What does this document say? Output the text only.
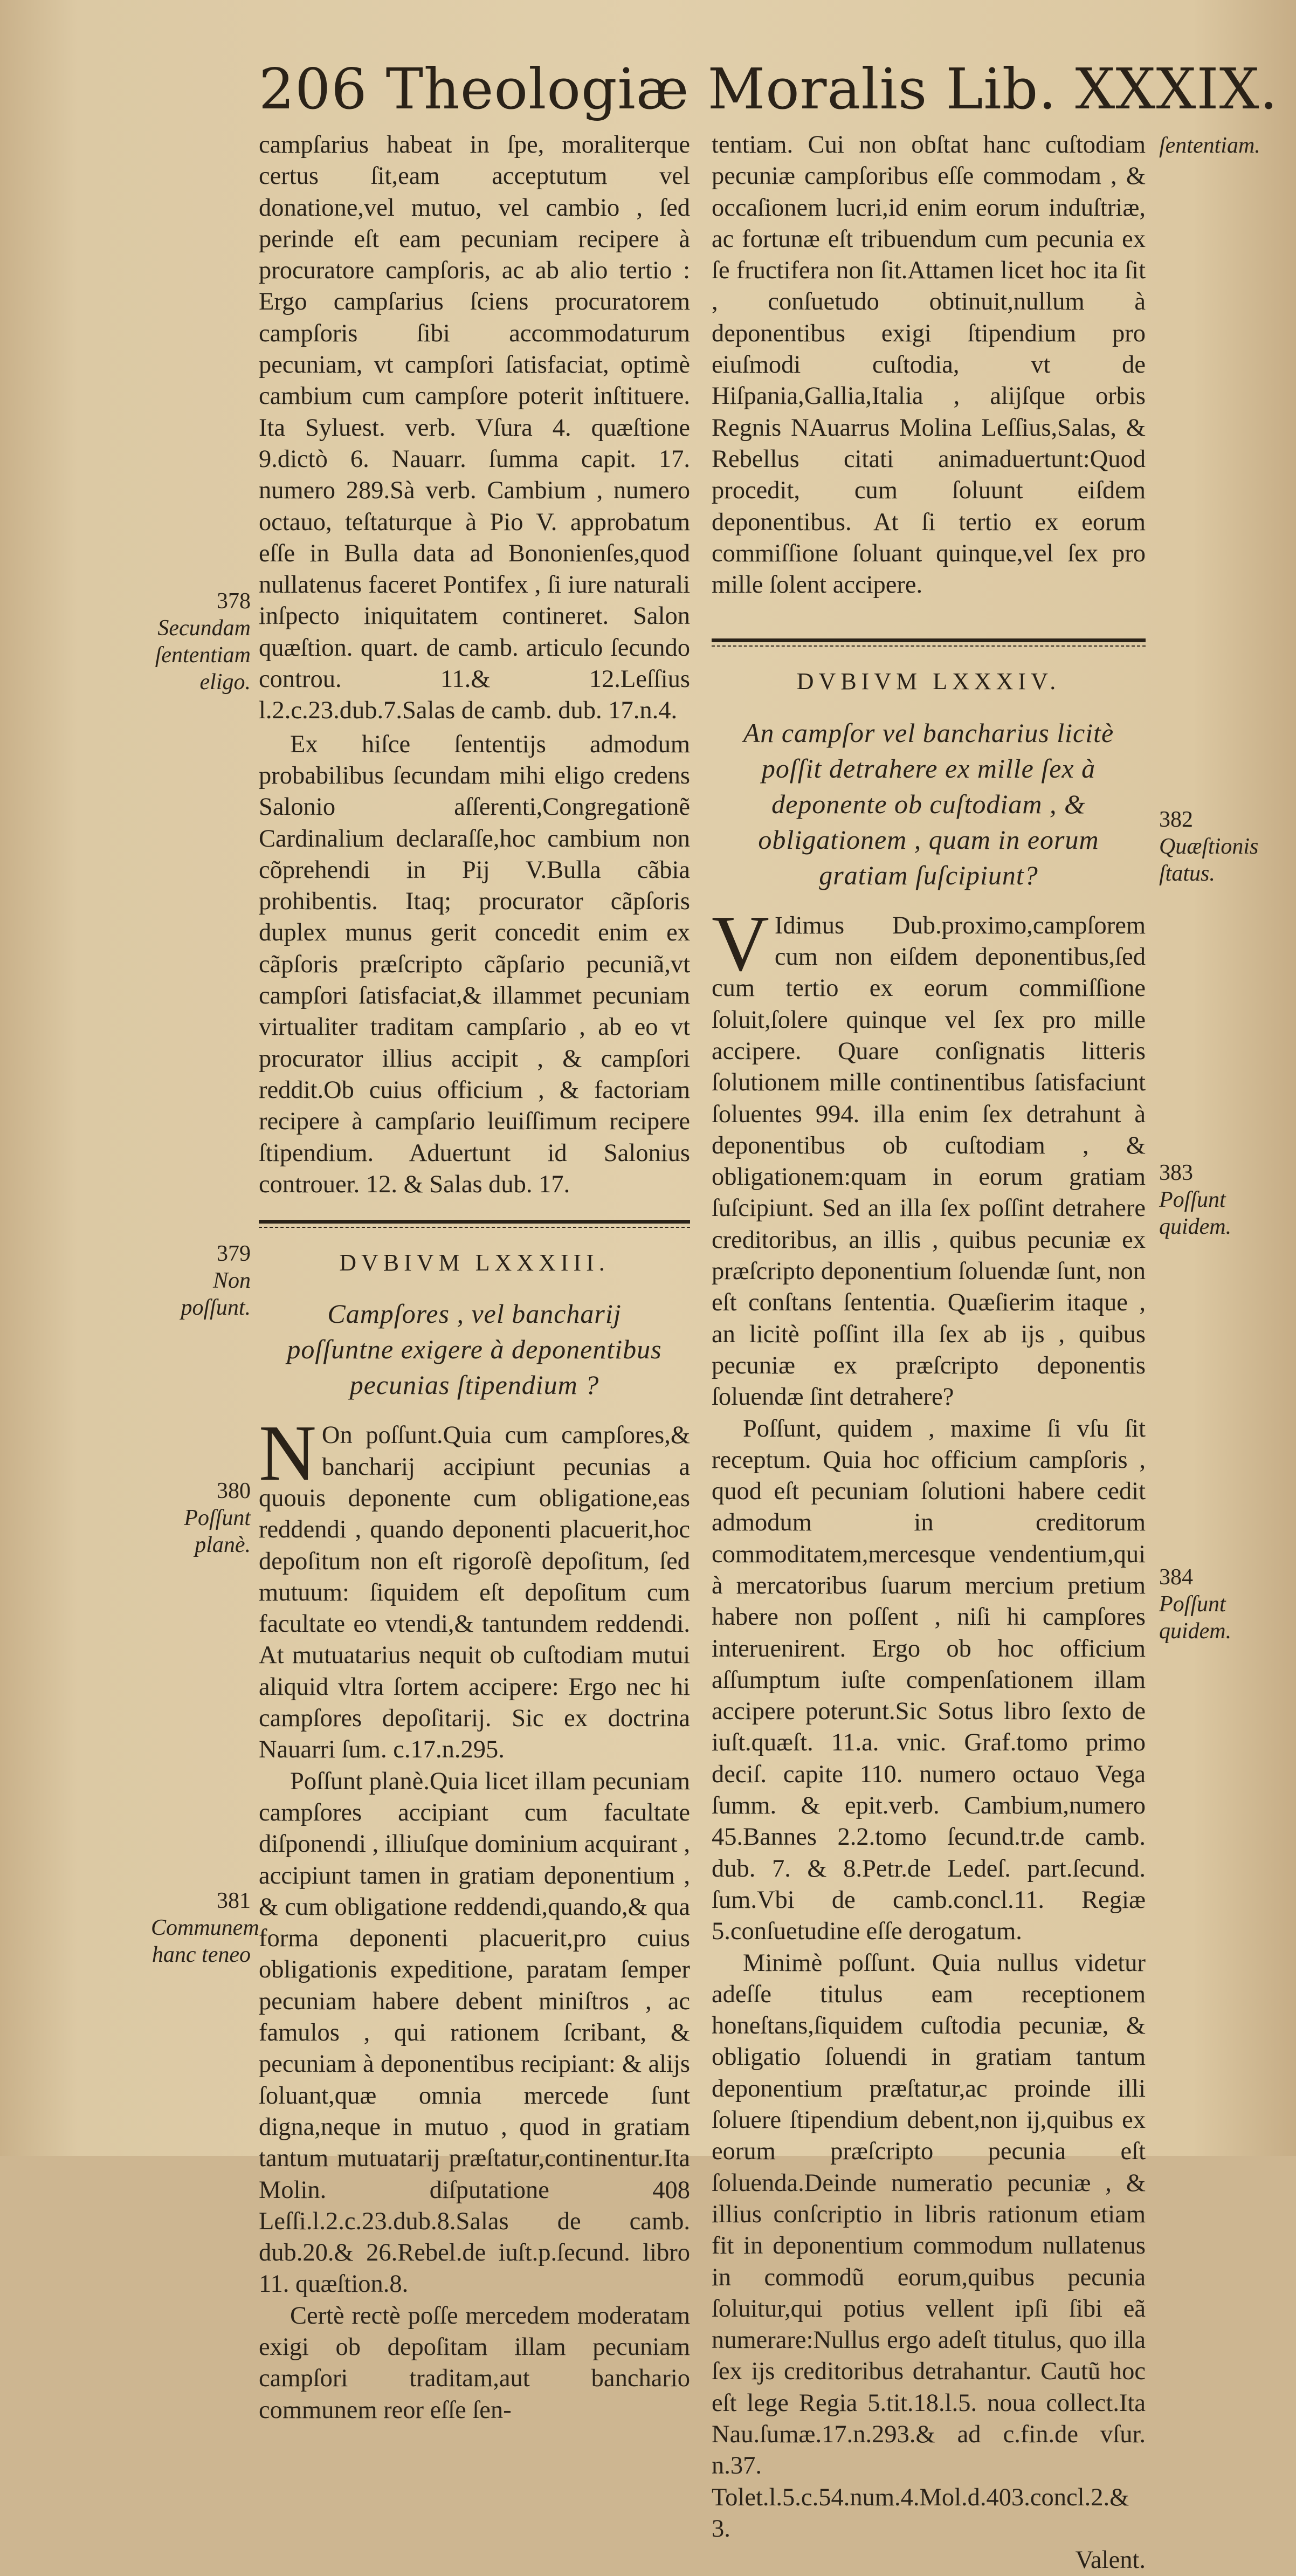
206 Theologiæ Moralis Lib. XXXIX.

campſarius habeat in ſpe, moraliterque certus ſit,eam acceptutum vel donatione,vel mutuo, vel cambio , ſed perinde eſt eam pecuniam recipere à procuratore campſoris, ac ab alio tertio : Ergo campſarius ſciens procuratorem campſoris ſibi accommodaturum pecuniam, vt campſori ſatisfaciat, optimè cambium cum campſore poterit inſtituere. Ita Syluest. verb. Vſura 4. quæſtione 9.dictò 6. Nauarr. ſumma capit. 17. numero 289.Sà verb. Cambium , numero octauo, teſtaturque à Pio V. approbatum eſſe in Bulla data ad Bononienſes,quod nullatenus faceret Pontifex , ſi iure naturali inſpecto iniquitatem contineret. Salon quæſtion. quart. de camb. articulo ſecundo controu. 11.& 12.Leſſius l.2.c.23.dub.7.Salas de camb. dub. 17.n.4.

Ex hiſce ſententijs admodum probabilibus ſecundam mihi eligo credens Salonio aſſerenti,Congregationẽ Cardinalium declaraſſe,hoc cambium non cõprehendi in Pij V.Bulla cãbia prohibentis. Itaq; procurator cãpſoris duplex munus gerit concedit enim ex cãpſoris præſcripto cãpſario pecuniã,vt campſori ſatisfaciat,& illammet pecuniam virtualiter traditam campſario , ab eo vt procurator illius accipit , & campſori reddit.Ob cuius officium , & factoriam recipere à campſario leuiſſimum recipere ſtipendium. Aduertunt id Salonius controuer. 12. & Salas dub. 17.

DVBIVM LXXXIII.
Campſores , vel bancharij poſſuntne exigere à deponentibus pecunias ſtipendium ?

N On poſſunt.Quia cum campſores,& bancharij accipiunt pecunias a quouis deponente cum obligatione,eas reddendi , quando deponenti placuerit,hoc depoſitum non eſt rigoroſè depoſitum, ſed mutuum: ſiquidem eſt depoſitum cum facultate eo vtendi,& tantundem reddendi. At mutuatarius nequit ob cuſtodiam mutui aliquid vltra ſortem accipere: Ergo nec hi campſores depoſitarij. Sic ex doctrina Nauarri ſum. c.17.n.295.

Poſſunt planè.Quia licet illam pecuniam campſores accipiant cum facultate diſponendi , illiuſque dominium acquirant , accipiunt tamen in gratiam deponentium , & cum obligatione reddendi,quando,& qua forma deponenti placuerit,pro cuius obligationis expeditione, paratam ſemper pecuniam habere debent miniſtros , ac famulos , qui rationem ſcribant, & pecuniam à deponentibus recipiant: & alijs ſoluant,quæ omnia mercede ſunt digna,neque in mutuo , quod in gratiam tantum mutuatarij præſtatur,continentur.Ita Molin. diſputatione 408 Leſſi.l.2.c.23.dub.8.Salas de camb. dub.20.& 26.Rebel.de iuſt.p.ſecund. libro 11. quæſtion.8.

Certè rectè poſſe mercedem moderatam exigi ob depoſitam illam pecuniam campſori traditam,aut banchario communem reor eſſe ſen-

tentiam. Cui non obſtat hanc cuſtodiam pecuniæ campſoribus eſſe commodam , & occaſionem lucri,id enim eorum induſtriæ, ac fortunæ eſt tribuendum cum pecunia ex ſe fructifera non ſit.Attamen licet hoc ita ſit , conſuetudo obtinuit,nullum à deponentibus exigi ſtipendium pro eiuſmodi cuſtodia, vt de Hiſpania,Gallia,Italia , alijſque orbis Regnis NAuarrus Molina Leſſius,Salas, & Rebellus citati animaduertunt:Quod procedit, cum ſoluunt eiſdem deponentibus. At ſi tertio ex eorum commiſſione ſoluant quinque,vel ſex pro mille ſolent accipere.

DVBIVM LXXXIV.
An campſor vel bancharius licitè poſſit detrahere ex mille ſex à deponente ob cuſtodiam , & obligationem , quam in eorum gratiam ſuſcipiunt?

V Idimus Dub.proximo,campſorem cum non eiſdem deponentibus,ſed cum tertio ex eorum commiſſione ſoluit,ſolere quinque vel ſex pro mille accipere. Quare conſignatis litteris ſolutionem mille continentibus ſatisfaciunt ſoluentes 994. illa enim ſex detrahunt à deponentibus ob cuſtodiam , & obligationem:quam in eorum gratiam ſuſcipiunt. Sed an illa ſex poſſint detrahere creditoribus, an illis , quibus pecuniæ ex præſcripto deponentium ſoluendæ ſunt, non eſt conſtans ſententia. Quæſierim itaque , an licitè poſſint illa ſex ab ijs , quibus pecuniæ ex præſcripto deponentis ſoluendæ ſint detrahere?

Poſſunt, quidem , maxime ſi vſu ſit receptum. Quia hoc officium campſoris , quod eſt pecuniam ſolutioni habere cedit admodum in creditorum commoditatem,mercesque vendentium,qui à mercatoribus ſuarum mercium pretium habere non poſſent , niſi hi campſores interuenirent. Ergo ob hoc officium aſſumptum iuſte compenſationem illam accipere poterunt.Sic Sotus libro ſexto de iuſt.quæſt. 11.a. vnic. Graf.tomo primo deciſ. capite 110. numero octauo Vega ſumm. & epit.verb. Cambium,numero 45.Bannes 2.2.tomo ſecund.tr.de camb. dub. 7. & 8.Petr.de Ledeſ. part.ſecund. ſum.Vbi de camb.concl.11. Regiæ 5.conſuetudine eſſe derogatum.

Minimè poſſunt. Quia nullus videtur adeſſe titulus eam receptionem honeſtans,ſiquidem cuſtodia pecuniæ, & obligatio ſoluendi in gratiam tantum deponentium præſtatur,ac proinde illi ſoluere ſtipendium debent,non ij,quibus ex eorum præſcripto pecunia eſt ſoluenda.Deinde numeratio pecuniæ , & illius conſcriptio in libris rationum etiam fit in deponentium commodum nullatenus in commodũ eorum,quibus pecunia ſoluitur,qui potius vellent ipſi ſibi eã numerare:Nullus ergo adeſt titulus, quo illa ſex ijs creditoribus detrahantur. Cautũ hoc eſt lege Regia 5.tit.18.l.5. noua collect.Ita Nau.ſumæ.17.n.293.& ad c.fin.de vſur. n.37. Tolet.l.5.c.54.num.4.Mol.d.403.concl.2.& 3.

Valent.

378
Secundam ſententiam eligo.
379
Non poſſunt.
380
Poſſunt planè.
381
Communem hanc teneo
ſententiam.
382
Quæſtionis ſtatus.
383
Poſſunt quidem.
384
Poſſunt quidem.
